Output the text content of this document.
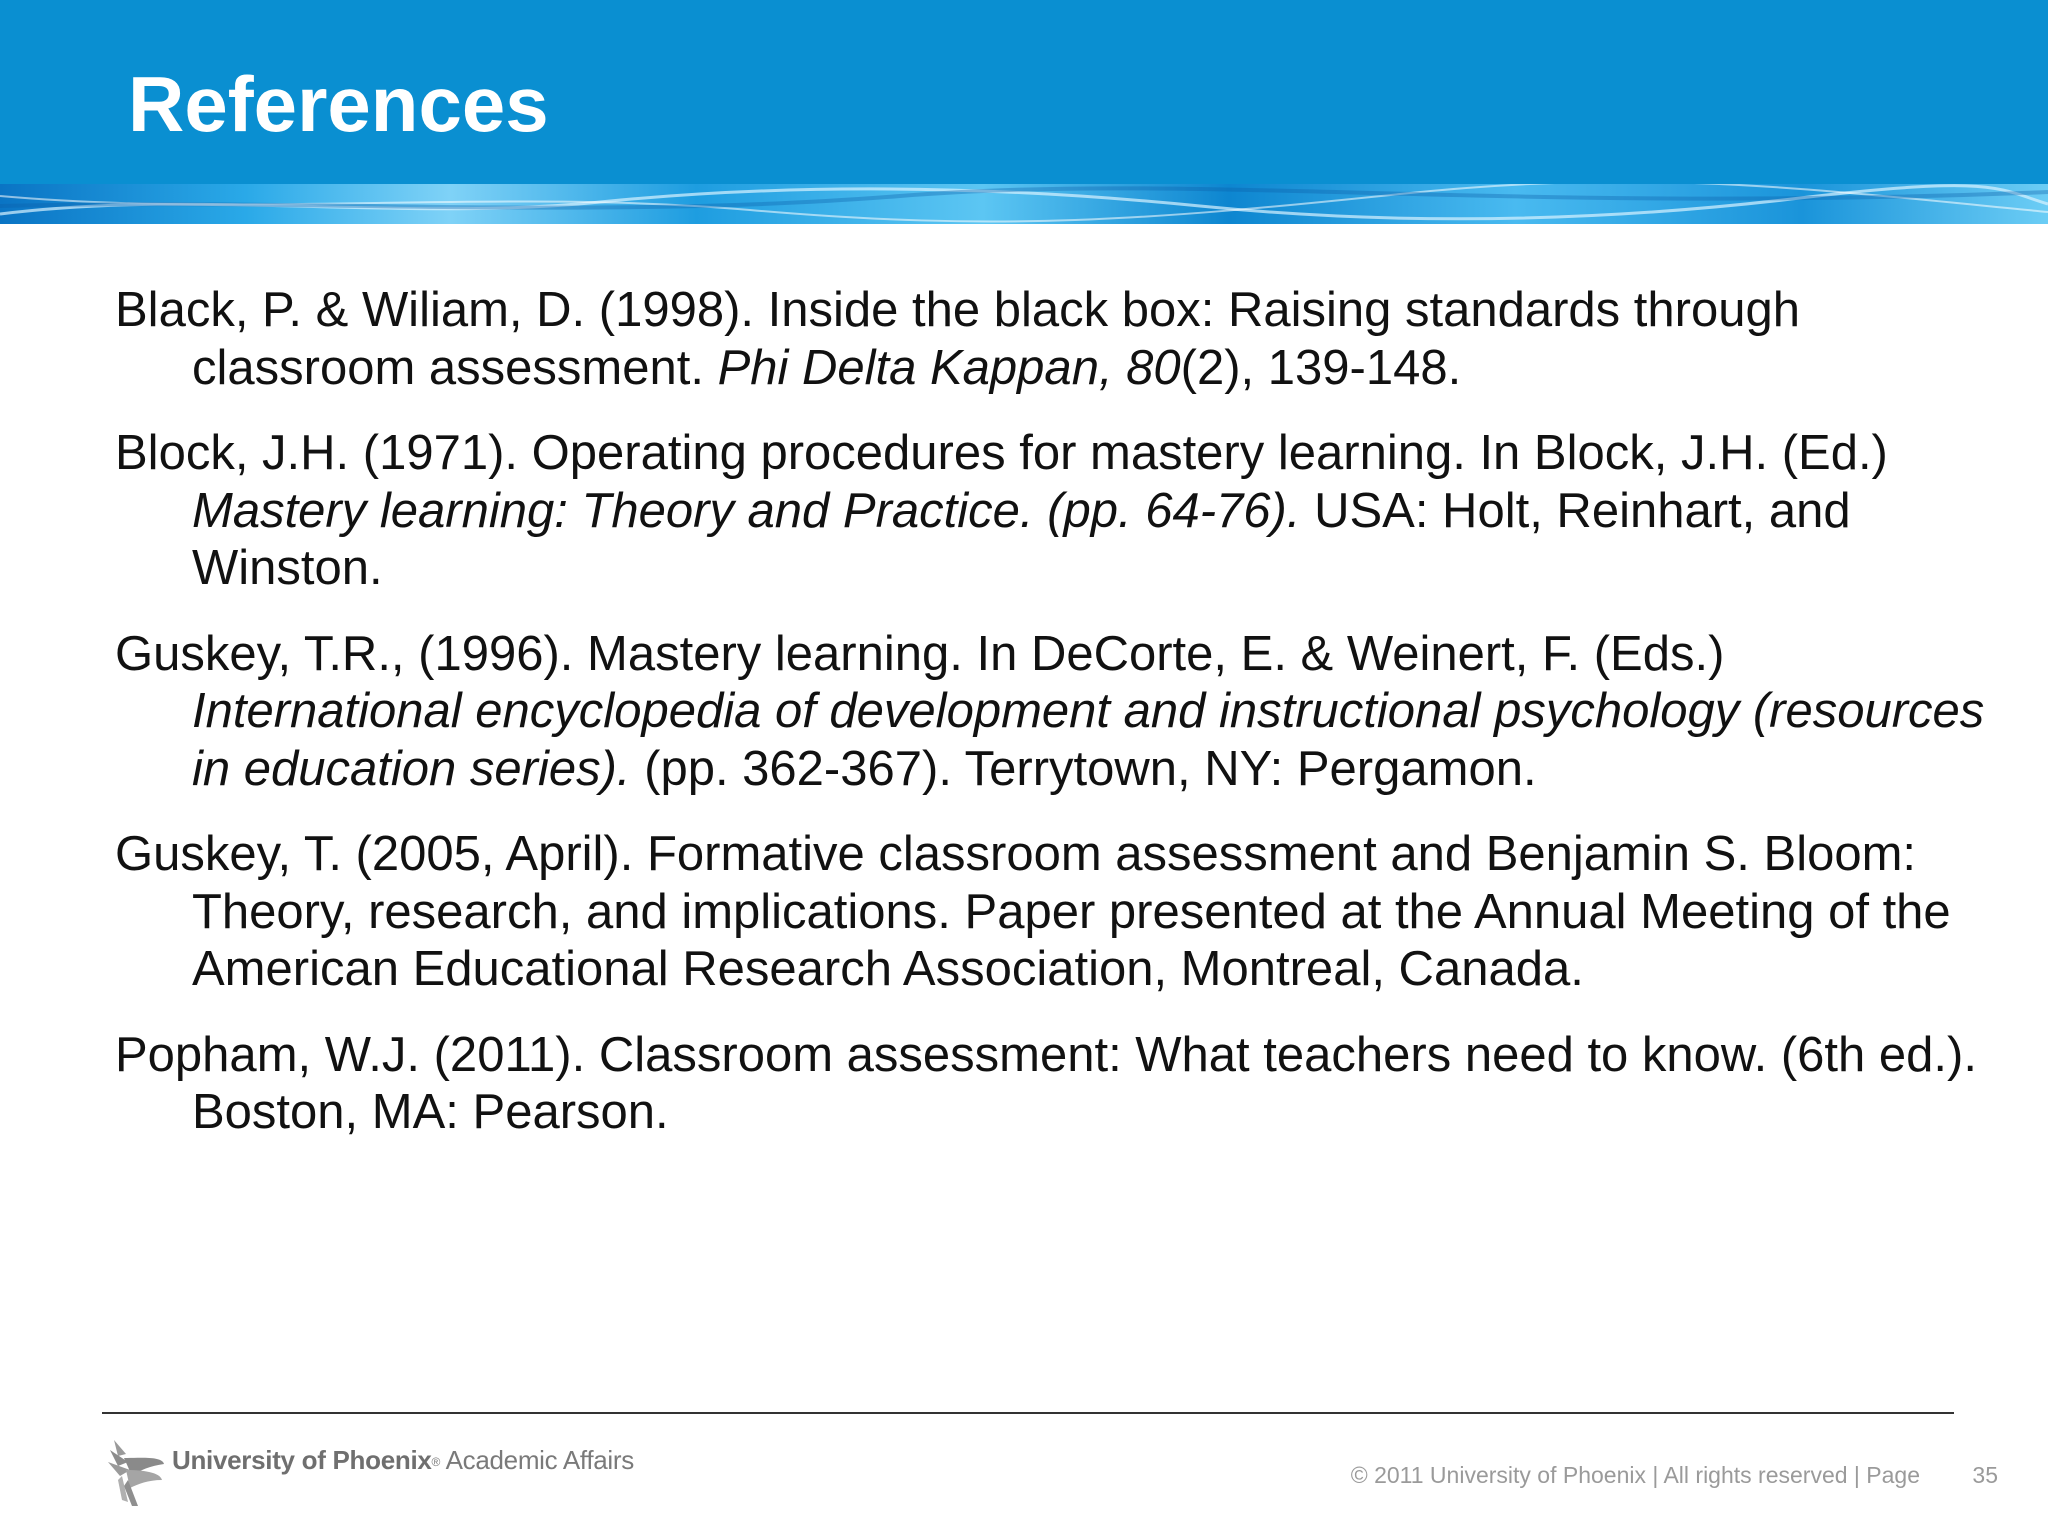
References

Black, P. & Wiliam, D. (1998). Inside the black box: Raising standards through classroom assessment. Phi Delta Kappan, 80(2), 139-148.

Block, J.H. (1971). Operating procedures for mastery learning. In Block, J.H. (Ed.) Mastery learning: Theory and Practice. (pp. 64-76). USA: Holt, Reinhart, and Winston.

Guskey, T.R., (1996). Mastery learning. In DeCorte, E. & Weinert, F. (Eds.) International encyclopedia of development and instructional psychology (resources in education series). (pp. 362-367). Terrytown, NY: Pergamon.

Guskey, T. (2005, April). Formative classroom assessment and Benjamin S. Bloom: Theory, research, and implications. Paper presented at the Annual Meeting of the American Educational Research Association, Montreal, Canada.

Popham, W.J. (2011). Classroom assessment: What teachers need to know. (6th ed.). Boston, MA: Pearson.

University of Phoenix® Academic Affairs
© 2011 University of Phoenix | All rights reserved | Page	35
